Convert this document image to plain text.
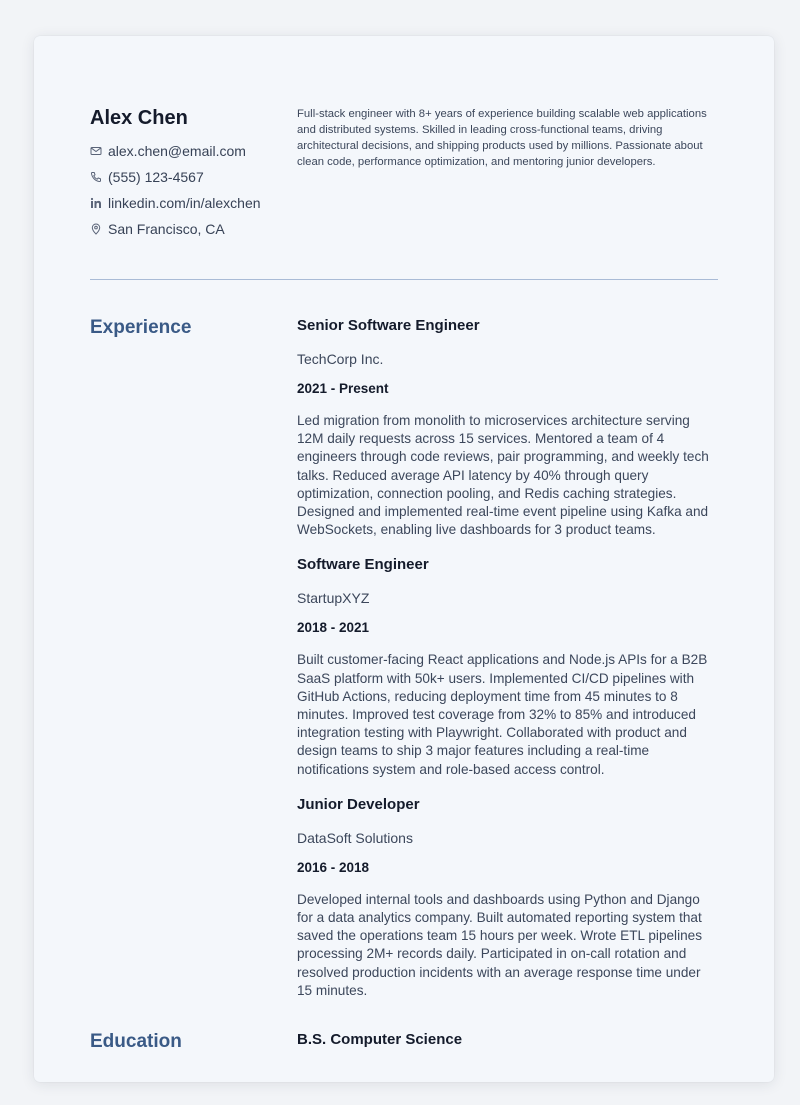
Alex Chen
alex.chen@email.com
(555) 123-4567
linkedin.com/in/alexchen
San Francisco, CA

Full-stack engineer with 8+ years of experience building scalable web applications and distributed systems. Skilled in leading cross-functional teams, driving architectural decisions, and shipping products used by millions. Passionate about clean code, performance optimization, and mentoring junior developers.

Experience	Senior Software Engineer

TechCorp Inc.

2021 - Present

Led migration from monolith to microservices architecture serving 12M daily requests across 15 services. Mentored a team of 4 engineers through code reviews, pair programming, and weekly tech talks. Reduced average API latency by 40% through query optimization, connection pooling, and Redis caching strategies. Designed and implemented real-time event pipeline using Kafka and WebSockets, enabling live dashboards for 3 product teams.

Software Engineer

StartupXYZ

2018 - 2021

Built customer-facing React applications and Node.js APIs for a B2B SaaS platform with 50k+ users. Implemented CI/CD pipelines with GitHub Actions, reducing deployment time from 45 minutes to 8 minutes. Improved test coverage from 32% to 85% and introduced integration testing with Playwright. Collaborated with product and design teams to ship 3 major features including a real-time notifications system and role-based access control.

Junior Developer

DataSoft Solutions

2016 - 2018

Developed internal tools and dashboards using Python and Django for a data analytics company. Built automated reporting system that saved the operations team 15 hours per week. Wrote ETL pipelines processing 2M+ records daily. Participated in on-call rotation and resolved production incidents with an average response time under 15 minutes.

Education	B.S. Computer Science
